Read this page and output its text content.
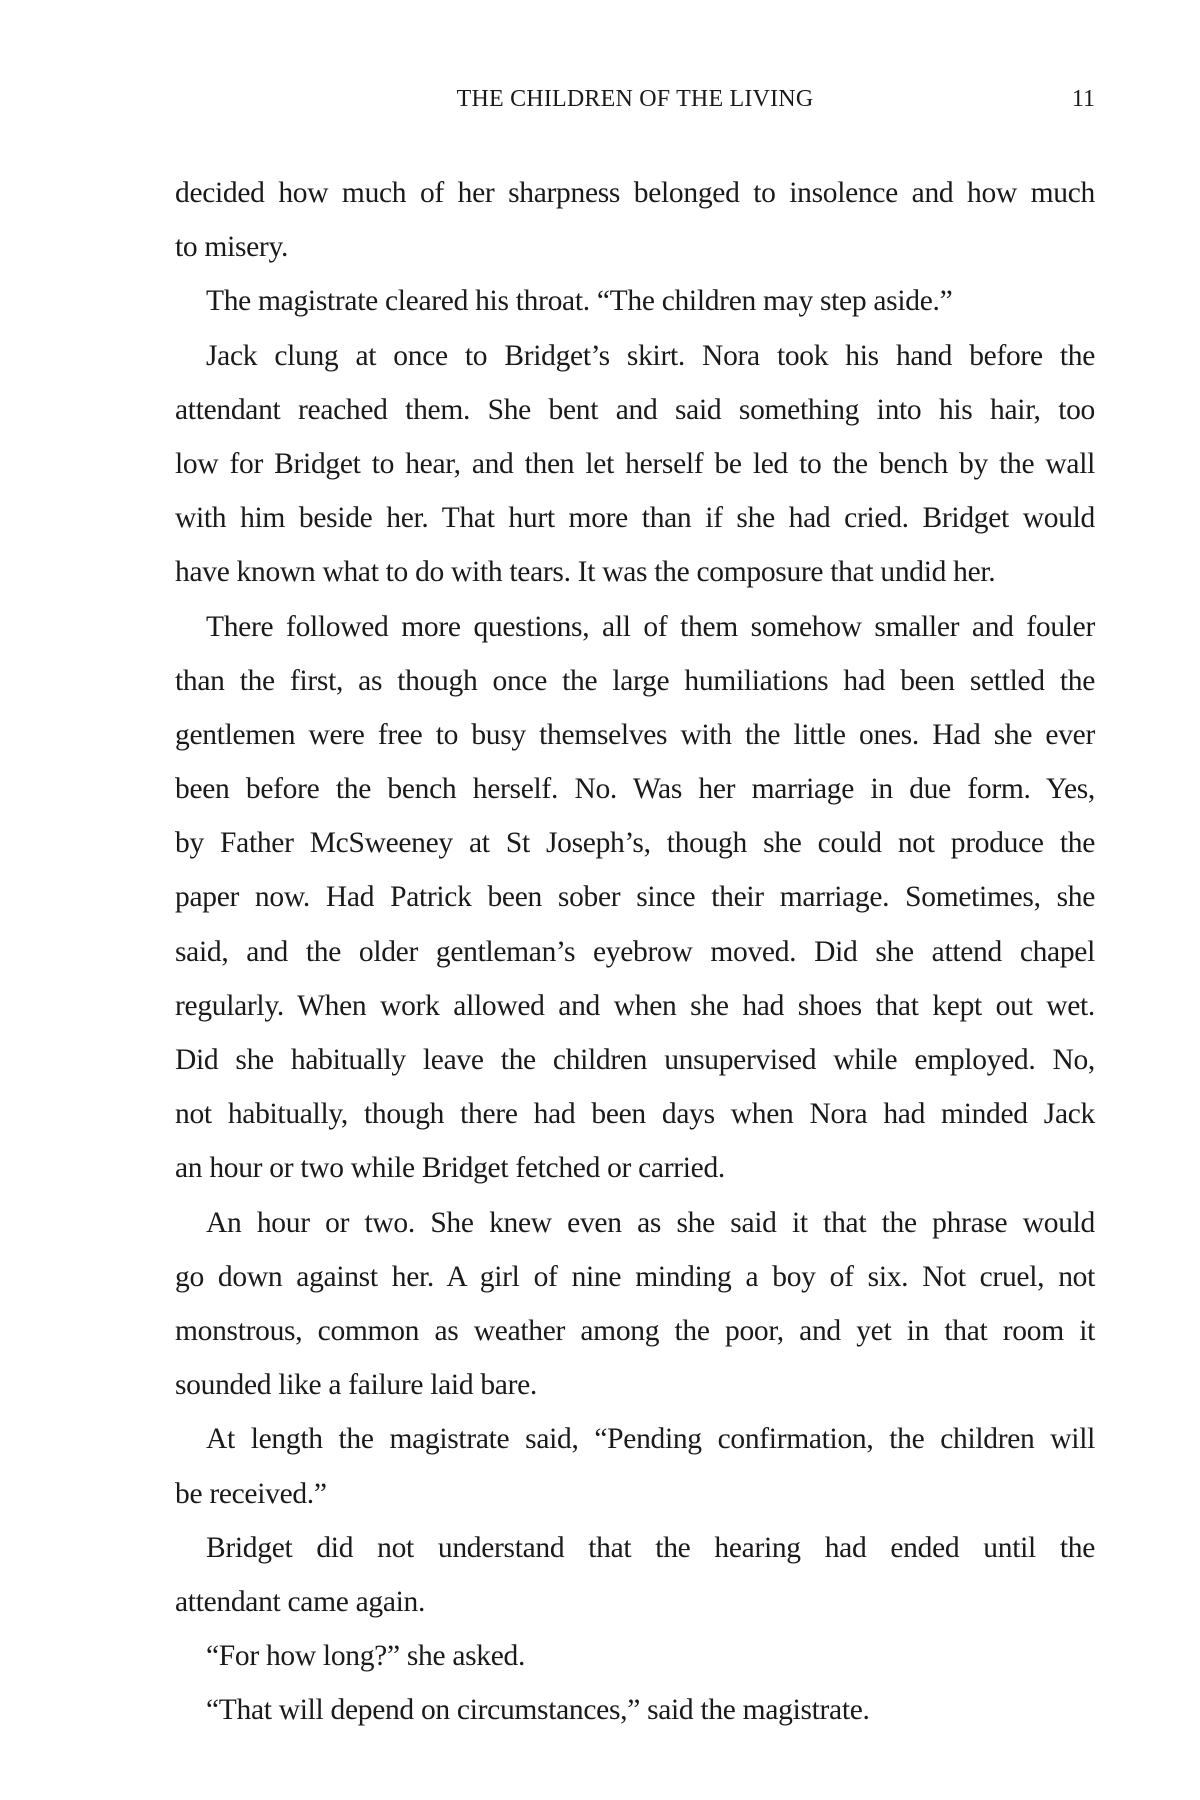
THE CHILDREN OF THE LIVING	11
decided how much of her sharpness belonged to insolence and how much
to misery.
The magistrate cleared his throat. “The children may step aside.”
Jack clung at once to Bridget’s skirt. Nora took his hand before the
attendant reached them. She bent and said something into his hair, too
low for Bridget to hear, and then let herself be led to the bench by the wall
with him beside her. That hurt more than if she had cried. Bridget would
have known what to do with tears. It was the composure that undid her.
There followed more questions, all of them somehow smaller and fouler
than the first, as though once the large humiliations had been settled the
gentlemen were free to busy themselves with the little ones. Had she ever
been before the bench herself. No. Was her marriage in due form. Yes,
by Father McSweeney at St Joseph’s, though she could not produce the
paper now. Had Patrick been sober since their marriage. Sometimes, she
said, and the older gentleman’s eyebrow moved. Did she attend chapel
regularly. When work allowed and when she had shoes that kept out wet.
Did she habitually leave the children unsupervised while employed. No,
not habitually, though there had been days when Nora had minded Jack
an hour or two while Bridget fetched or carried.
An hour or two. She knew even as she said it that the phrase would
go down against her. A girl of nine minding a boy of six. Not cruel, not
monstrous, common as weather among the poor, and yet in that room it
sounded like a failure laid bare.
At length the magistrate said, “Pending confirmation, the children will
be received.”
Bridget did not understand that the hearing had ended until the
attendant came again.
“For how long?” she asked.
“That will depend on circumstances,” said the magistrate.
